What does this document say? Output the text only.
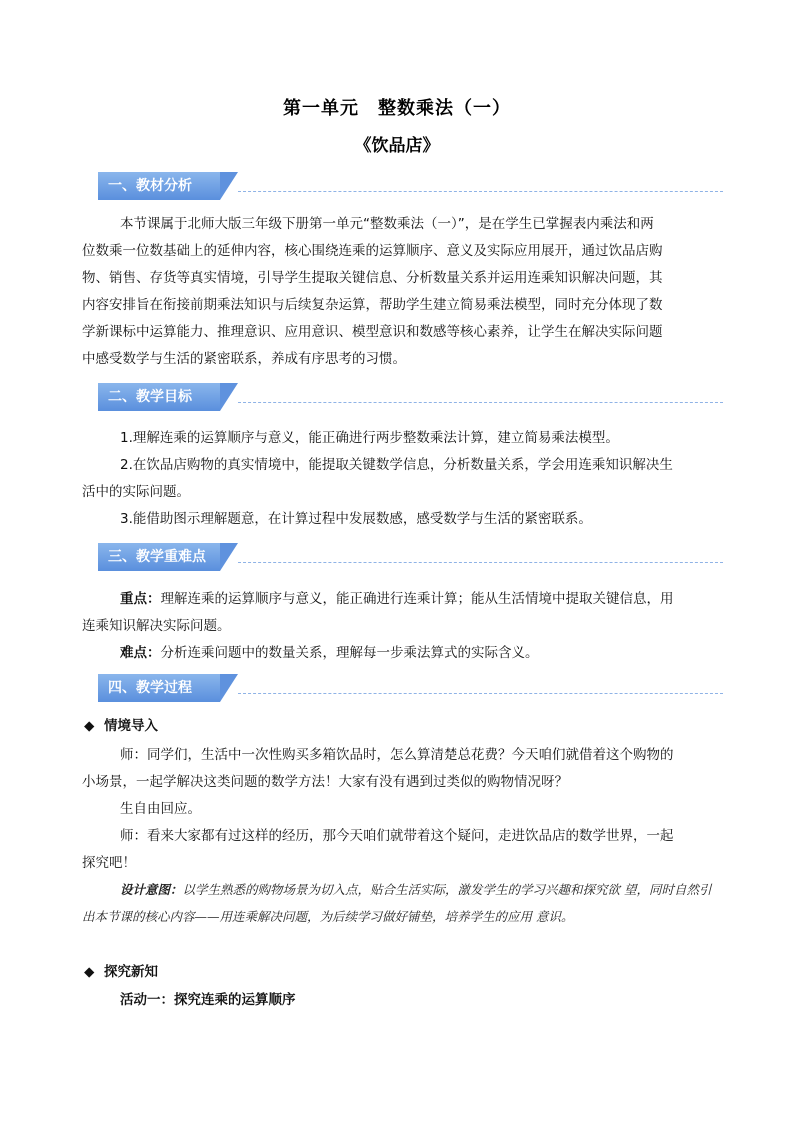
第一单元　整数乘法（一）
《饮品店》
一、教材分析
本节课属于北师大版三年级下册第一单元“整数乘法（一）”，是在学生已掌握表内乘法和两
位数乘一位数基础上的延伸内容，核心围绕连乘的运算顺序、意义及实际应用展开，通过饮品店购
物、销售、存货等真实情境，引导学生提取关键信息、分析数量关系并运用连乘知识解决问题，其
内容安排旨在衔接前期乘法知识与后续复杂运算，帮助学生建立简易乘法模型，同时充分体现了数
学新课标中运算能力、推理意识、应用意识、模型意识和数感等核心素养，让学生在解决实际问题
中感受数学与生活的紧密联系，养成有序思考的习惯。
二、教学目标
1.理解连乘的运算顺序与意义，能正确进行两步整数乘法计算，建立简易乘法模型。
2.在饮品店购物的真实情境中，能提取关键数学信息，分析数量关系，学会用连乘知识解决生
活中的实际问题。
3.能借助图示理解题意，在计算过程中发展数感，感受数学与生活的紧密联系。
三、教学重难点
重点：理解连乘的运算顺序与意义，能正确进行连乘计算；能从生活情境中提取关键信息，用
连乘知识解决实际问题。
难点：分析连乘问题中的数量关系，理解每一步乘法算式的实际含义。
四、教学过程
◆ 情境导入
师：同学们，生活中一次性购买多箱饮品时，怎么算清楚总花费？今天咱们就借着这个购物的
小场景，一起学解决这类问题的数学方法！大家有没有遇到过类似的购物情况呀？
生自由回应。
师：看来大家都有过这样的经历，那今天咱们就带着这个疑问，走进饮品店的数学世界，一起
探究吧！
设计意图：以学生熟悉的购物场景为切入点，贴合生活实际，激发学生的学习兴趣和探究欲 望，同时自然引出本节课的核心内容——用连乘解决问题，为后续学习做好铺垫，培养学生的应用 意识。
◆ 探究新知
活动一：探究连乘的运算顺序
